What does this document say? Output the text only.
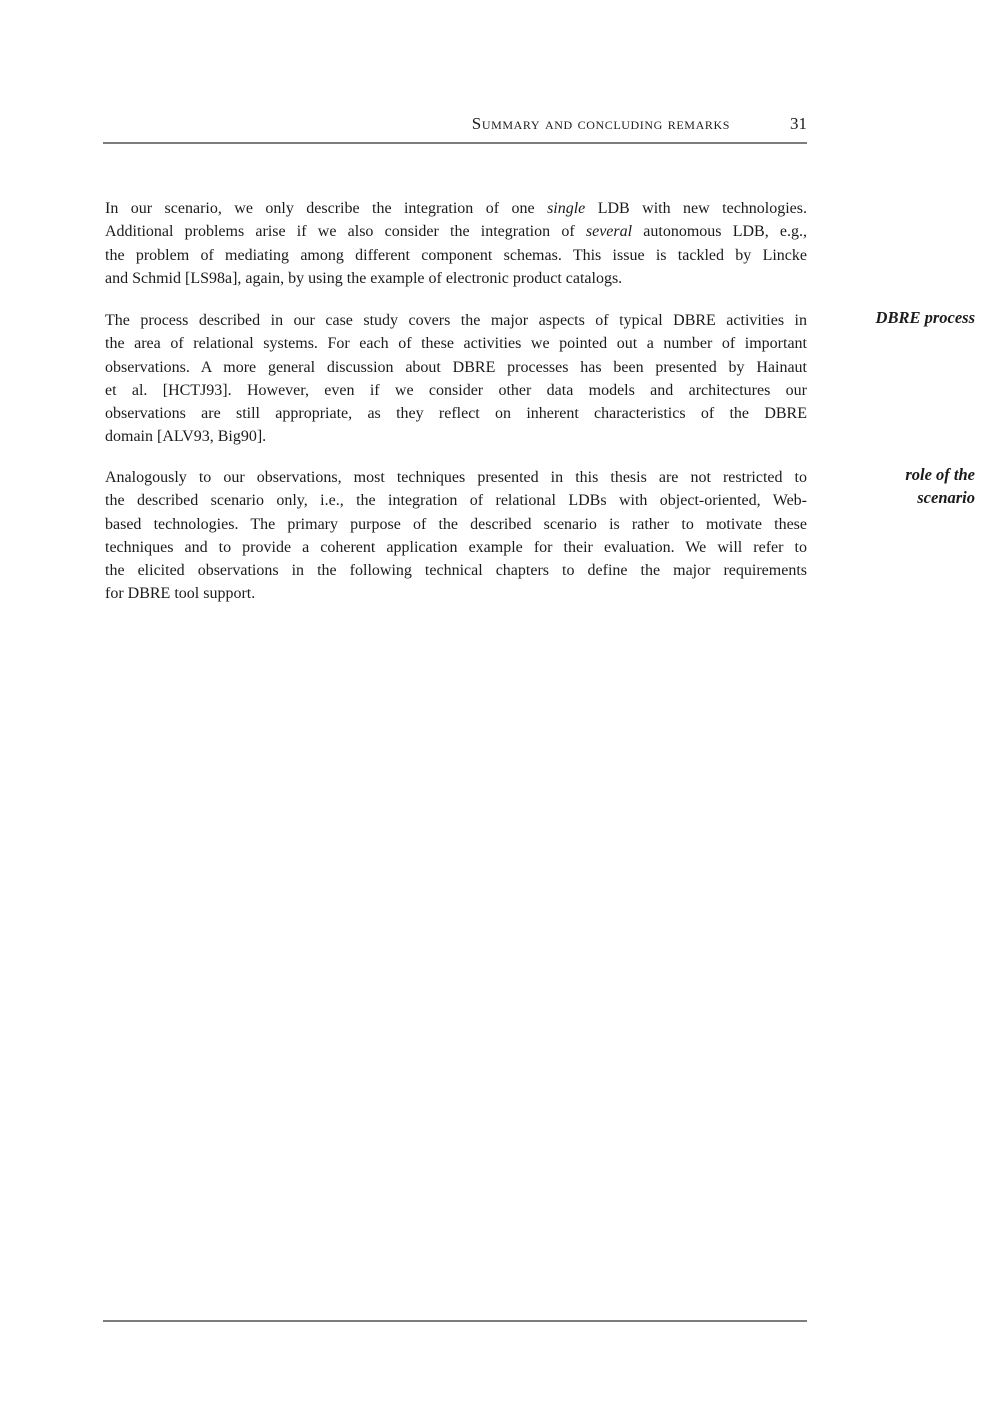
Summary and concluding remarks	31
In our scenario, we only describe the integration of one single LDB with new technologies.
Additional problems arise if we also consider the integration of several autonomous LDB, e.g.,
the problem of mediating among different component schemas. This issue is tackled by Lincke
and Schmid [LS98a], again, by using the example of electronic product catalogs.
The process described in our case study covers the major aspects of typical DBRE activities in
the area of relational systems. For each of these activities we pointed out a number of important
observations. A more general discussion about DBRE processes has been presented by Hainaut
et al. [HCTJ93]. However, even if we consider other data models and architectures our
observations are still appropriate, as they reflect on inherent characteristics of the DBRE
domain [ALV93, Big90].
Analogously to our observations, most techniques presented in this thesis are not restricted to
the described scenario only, i.e., the integration of relational LDBs with object-oriented, Web-
based technologies. The primary purpose of the described scenario is rather to motivate these
techniques and to provide a coherent application example for their evaluation. We will refer to
the elicited observations in the following technical chapters to define the major requirements
for DBRE tool support.
DBRE process
role of the
scenario
